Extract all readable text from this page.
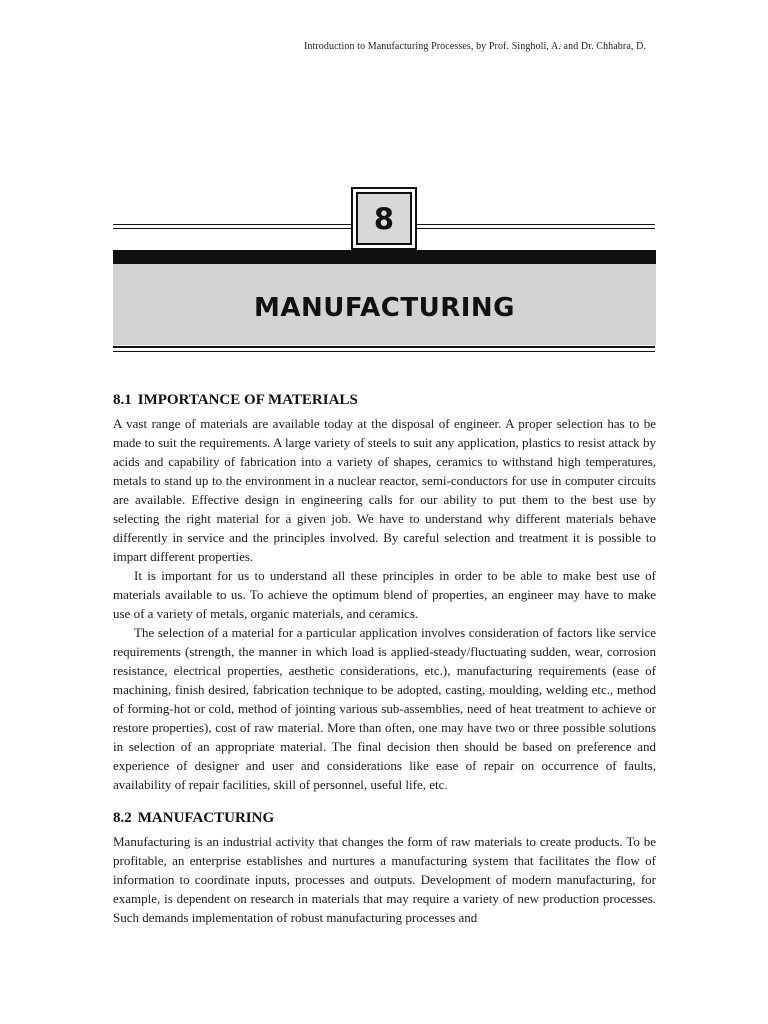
Introduction to Manufacturing Processes, by Prof. Singholi, A. and Dr. Chhabra, D.
8
MANUFACTURING
8.1 IMPORTANCE OF MATERIALS

A vast range of materials are available today at the disposal of engineer. A proper selection has to be made to suit the requirements. A large variety of steels to suit any application, plastics to resist attack by acids and capability of fabrication into a variety of shapes, ceramics to withstand high temperatures, metals to stand up to the environment in a nuclear reactor, semi-conductors for use in computer circuits are available. Effective design in engineering calls for our ability to put them to the best use by selecting the right material for a given job. We have to understand why different materials behave differently in service and the principles involved. By careful selection and treatment it is possible to impart different properties.

It is important for us to understand all these principles in order to be able to make best use of materials available to us. To achieve the optimum blend of properties, an engineer may have to make use of a variety of metals, organic materials, and ceramics.

The selection of a material for a particular application involves consideration of factors like service requirements (strength, the manner in which load is applied-steady/fluctuating sudden, wear, corrosion resistance, electrical properties, aesthetic considerations, etc.), manufacturing requirements (ease of machining, finish desired, fabrication technique to be adopted, casting, moulding, welding etc., method of forming-hot or cold, method of jointing various sub-assemblies, need of heat treatment to achieve or restore properties), cost of raw material. More than often, one may have two or three possible solutions in selection of an appropriate material. The final decision then should be based on preference and experience of designer and user and considerations like ease of repair on occurrence of faults, availability of repair facilities, skill of personnel, useful life, etc.

8.2 MANUFACTURING

Manufacturing is an industrial activity that changes the form of raw materials to create products. To be profitable, an enterprise establishes and nurtures a manufacturing system that facilitates the flow of information to coordinate inputs, processes and outputs. Development of modern manufacturing, for example, is dependent on research in materials that may require a variety of new production processes. Such demands implementation of robust manufacturing processes and
